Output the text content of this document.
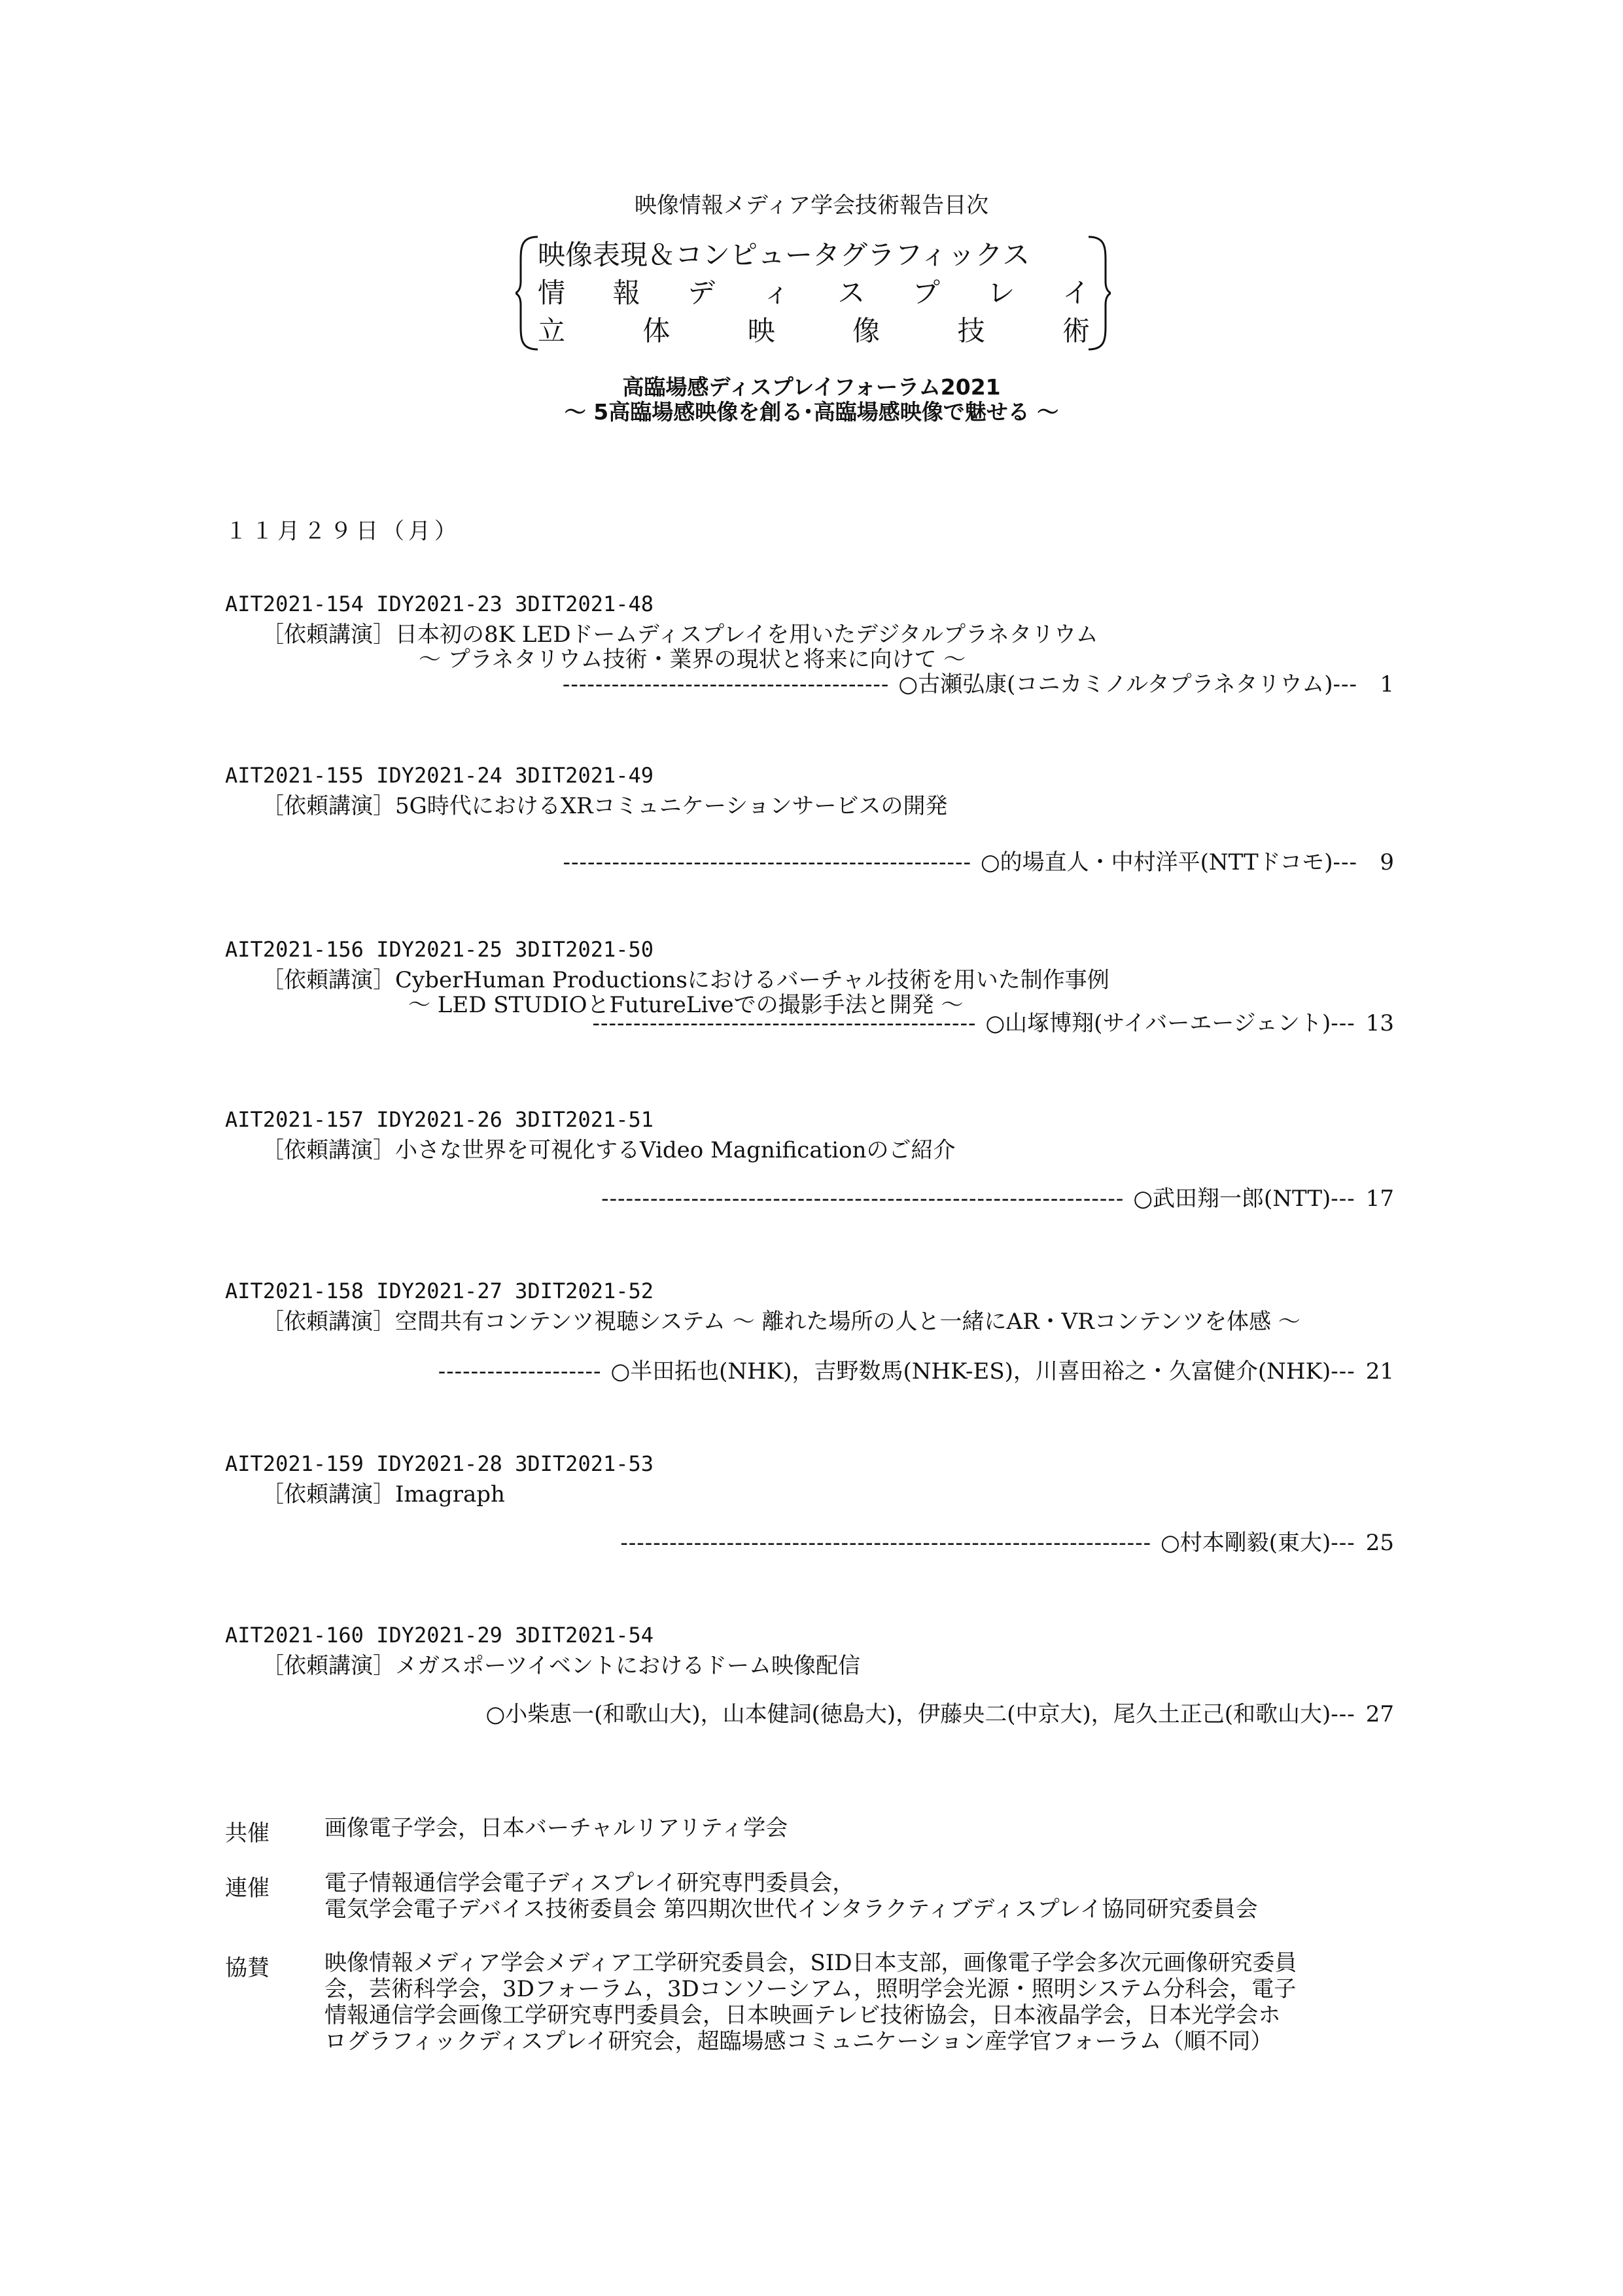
映像情報メディア学会技術報告目次
映像表現＆コンピュータグラフィックス
情 報 デ ィ ス プ レ イ
立	体	映	像	技	術
高臨場感ディスプレイフォーラム2021
～ 5高臨場感映像を創る･高臨場感映像で魅せる ～
１１月２９日（月）
AIT2021-154 IDY2021-23 3DIT2021-48
［依頼講演］日本初の8K LEDドームディスプレイを用いたデジタルプラネタリウム
～ プラネタリウム技術・業界の現状と将来に向けて ～
---------------------------------------- ○古瀬弘康(コニカミノルタプラネタリウム) ---	1
AIT2021-155 IDY2021-24 3DIT2021-49
［依頼講演］5G時代におけるXRコミュニケーションサービスの開発
-------------------------------------------------- ○的場直人・中村洋平(NTTドコモ) ---	9
AIT2021-156 IDY2021-25 3DIT2021-50
［依頼講演］CyberHuman Productionsにおけるバーチャル技術を用いた制作事例
～ LED STUDIOとFutureLiveでの撮影手法と開発 ～
----------------------------------------------- ○山塚博翔(サイバーエージェント) --- 13
AIT2021-157 IDY2021-26 3DIT2021-51
［依頼講演］小さな世界を可視化するVideo Magnificationのご紹介
---------------------------------------------------------------- ○武田翔一郎(NTT) --- 17
AIT2021-158 IDY2021-27 3DIT2021-52
［依頼講演］空間共有コンテンツ視聴システム ～ 離れた場所の人と一緒にAR・VRコンテンツを体感 ～
-------------------- ○半田拓也(NHK)，吉野数馬(NHK-ES)，川喜田裕之・久富健介(NHK) --- 21
AIT2021-159 IDY2021-28 3DIT2021-53
［依頼講演］Imagraph
----------------------------------------------------------------- ○村本剛毅(東大) --- 25
AIT2021-160 IDY2021-29 3DIT2021-54
［依頼講演］メガスポーツイベントにおけるドーム映像配信
○小柴恵一(和歌山大)，山本健詞(徳島大)，伊藤央二(中京大)，尾久土正己(和歌山大) --- 27
共催 画像電子学会，日本バーチャルリアリティ学会
連催 電子情報通信学会電子ディスプレイ研究専門委員会，
電気学会電子デバイス技術委員会 第四期次世代インタラクティブディスプレイ協同研究委員会
協賛 映像情報メディア学会メディア工学研究委員会，SID日本支部，画像電子学会多次元画像研究委員
会，芸術科学会，3Dフォーラム，3Dコンソーシアム，照明学会光源・照明システム分科会，電子
情報通信学会画像工学研究専門委員会，日本映画テレビ技術協会，日本液晶学会，日本光学会ホ
ログラフィックディスプレイ研究会，超臨場感コミュニケーション産学官フォーラム（順不同）
